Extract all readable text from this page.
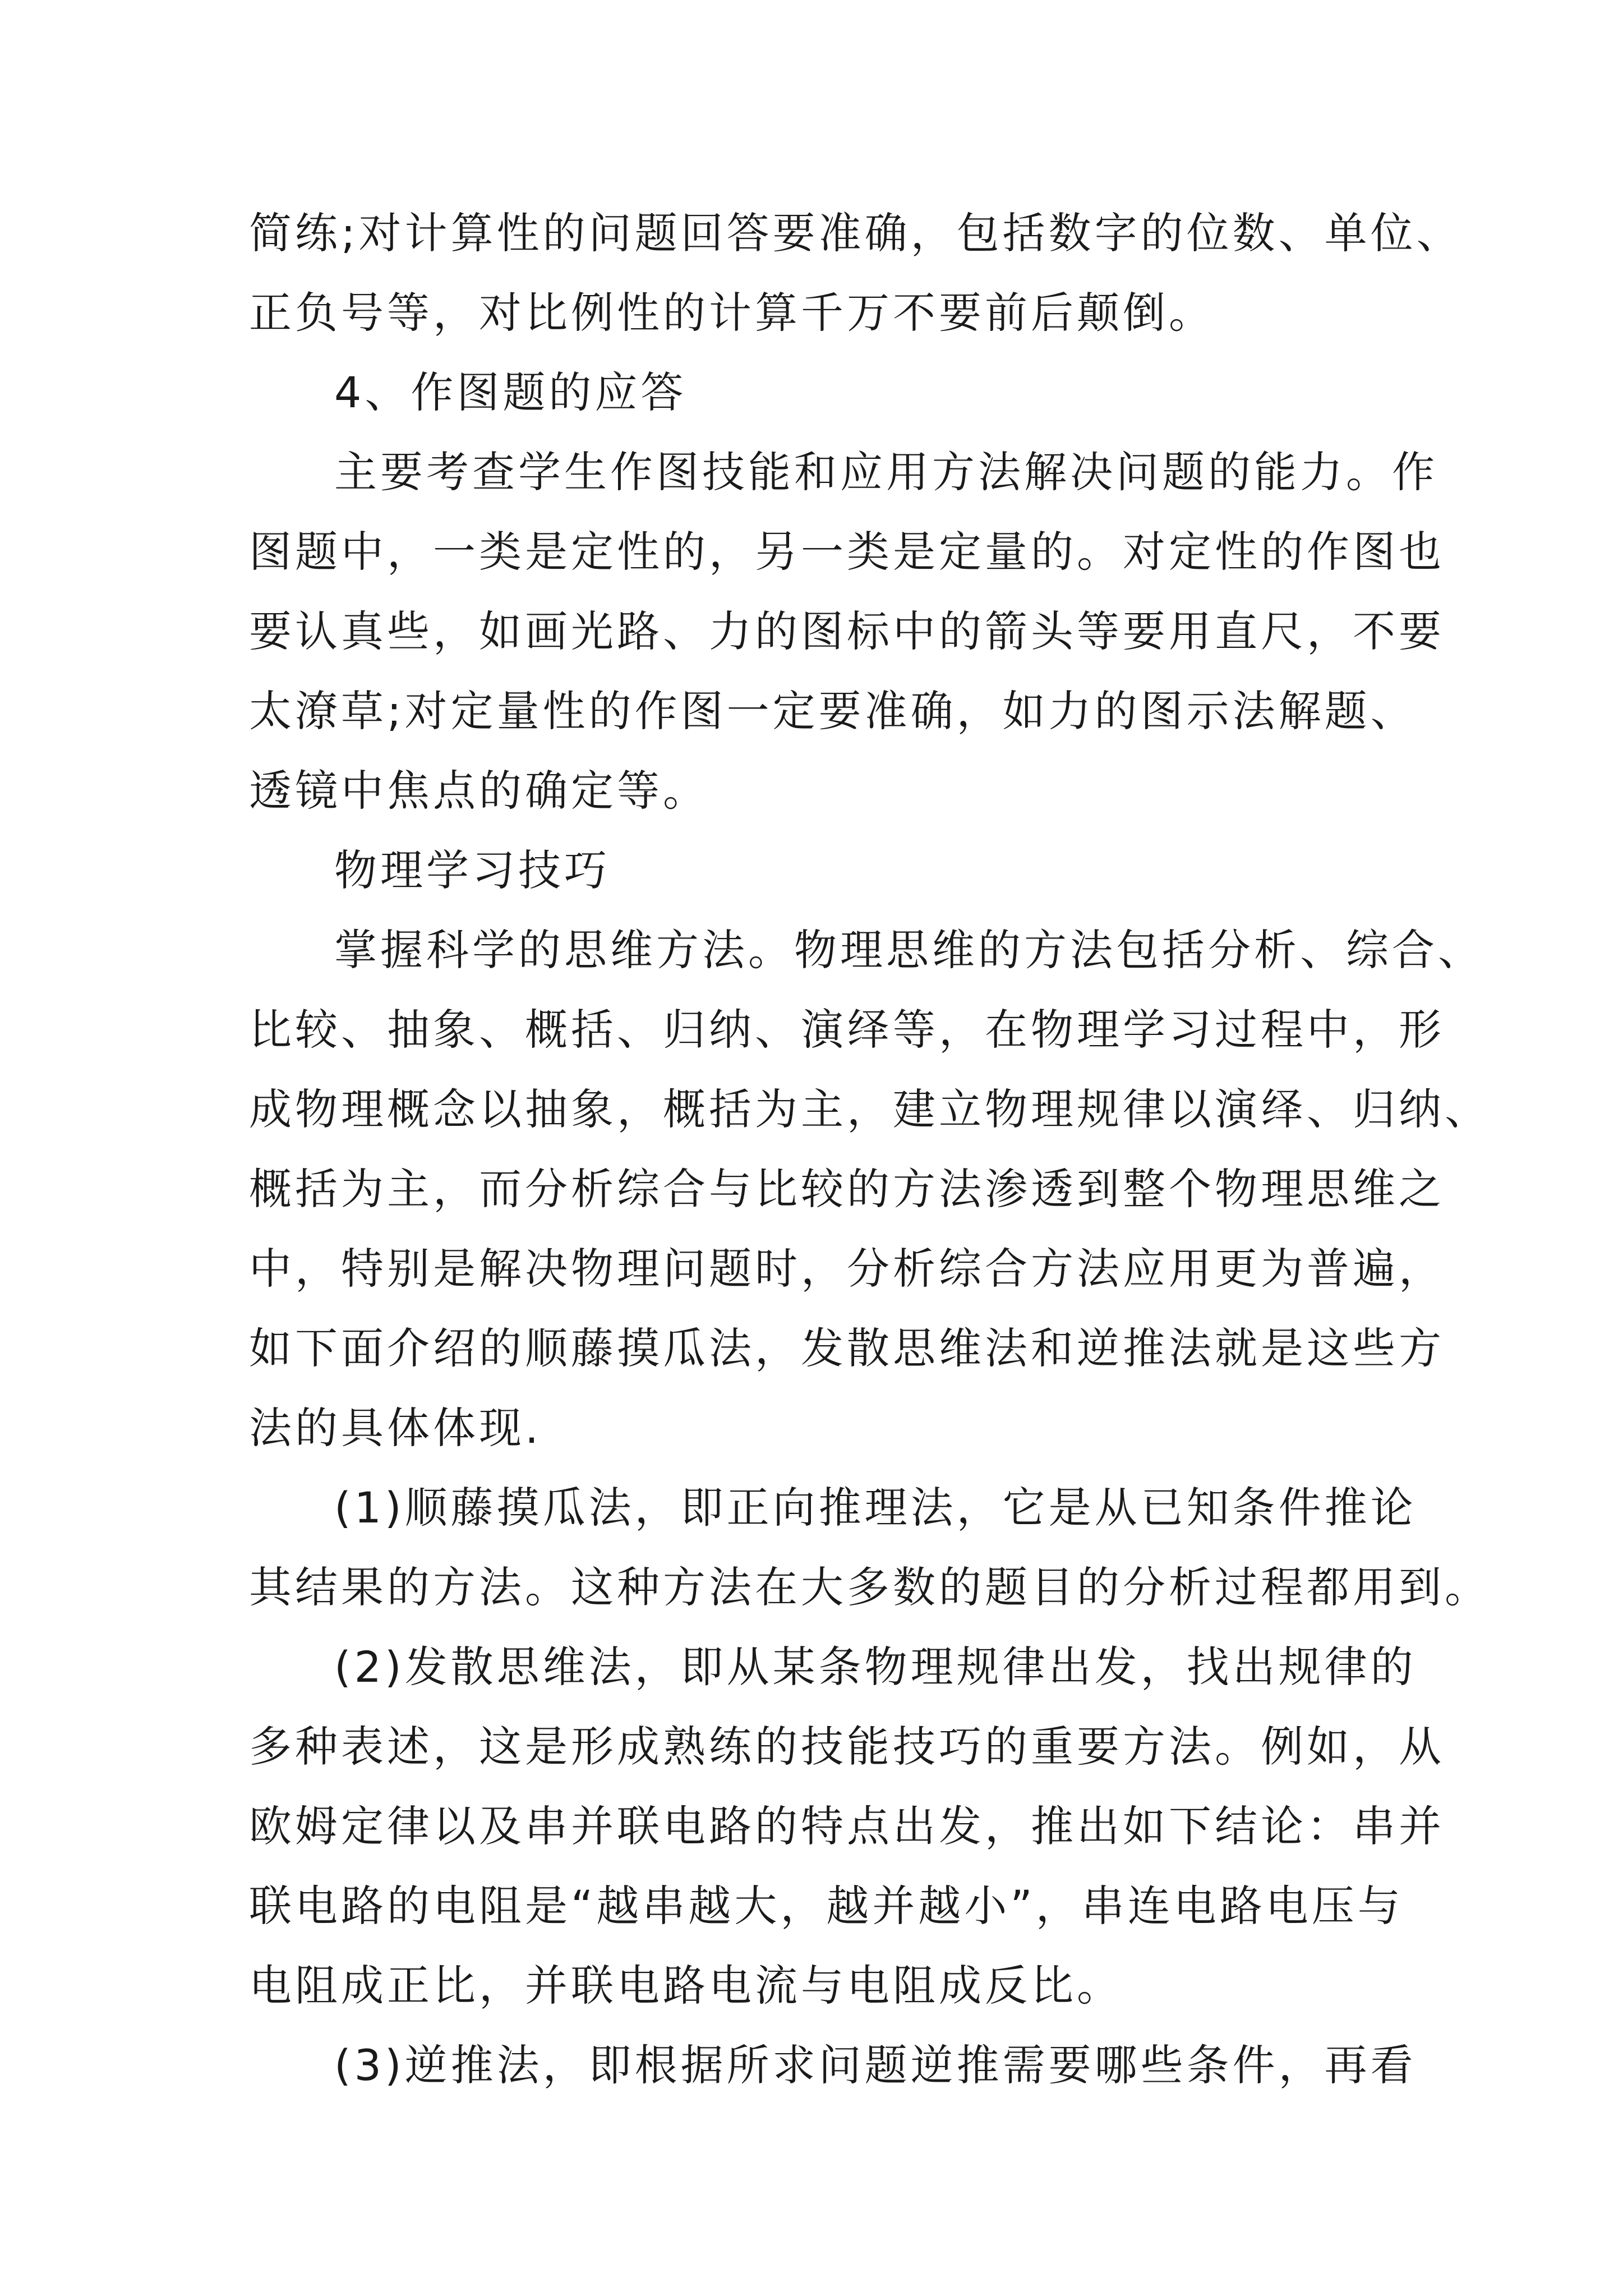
简练;对计算性的问题回答要准确，包括数字的位数、单位、
正负号等，对比例性的计算千万不要前后颠倒。
4、作图题的应答
主要考查学生作图技能和应用方法解决问题的能力。作
图题中，一类是定性的，另一类是定量的。对定性的作图也
要认真些，如画光路、力的图标中的箭头等要用直尺，不要
太潦草;对定量性的作图一定要准确，如力的图示法解题、
透镜中焦点的确定等。
物理学习技巧
掌握科学的思维方法。物理思维的方法包括分析、综合、
比较、抽象、概括、归纳、演绎等，在物理学习过程中，形
成物理概念以抽象，概括为主，建立物理规律以演绎、归纳、
概括为主，而分析综合与比较的方法渗透到整个物理思维之
中，特别是解决物理问题时，分析综合方法应用更为普遍，
如下面介绍的顺藤摸瓜法，发散思维法和逆推法就是这些方
法的具体体现.
(1)顺藤摸瓜法，即正向推理法，它是从已知条件推论
其结果的方法。这种方法在大多数的题目的分析过程都用到。
(2)发散思维法，即从某条物理规律出发，找出规律的
多种表述，这是形成熟练的技能技巧的重要方法。例如，从
欧姆定律以及串并联电路的特点出发，推出如下结论：串并
联电路的电阻是“越串越大，越并越小”，串连电路电压与
电阻成正比，并联电路电流与电阻成反比。
(3)逆推法，即根据所求问题逆推需要哪些条件，再看
